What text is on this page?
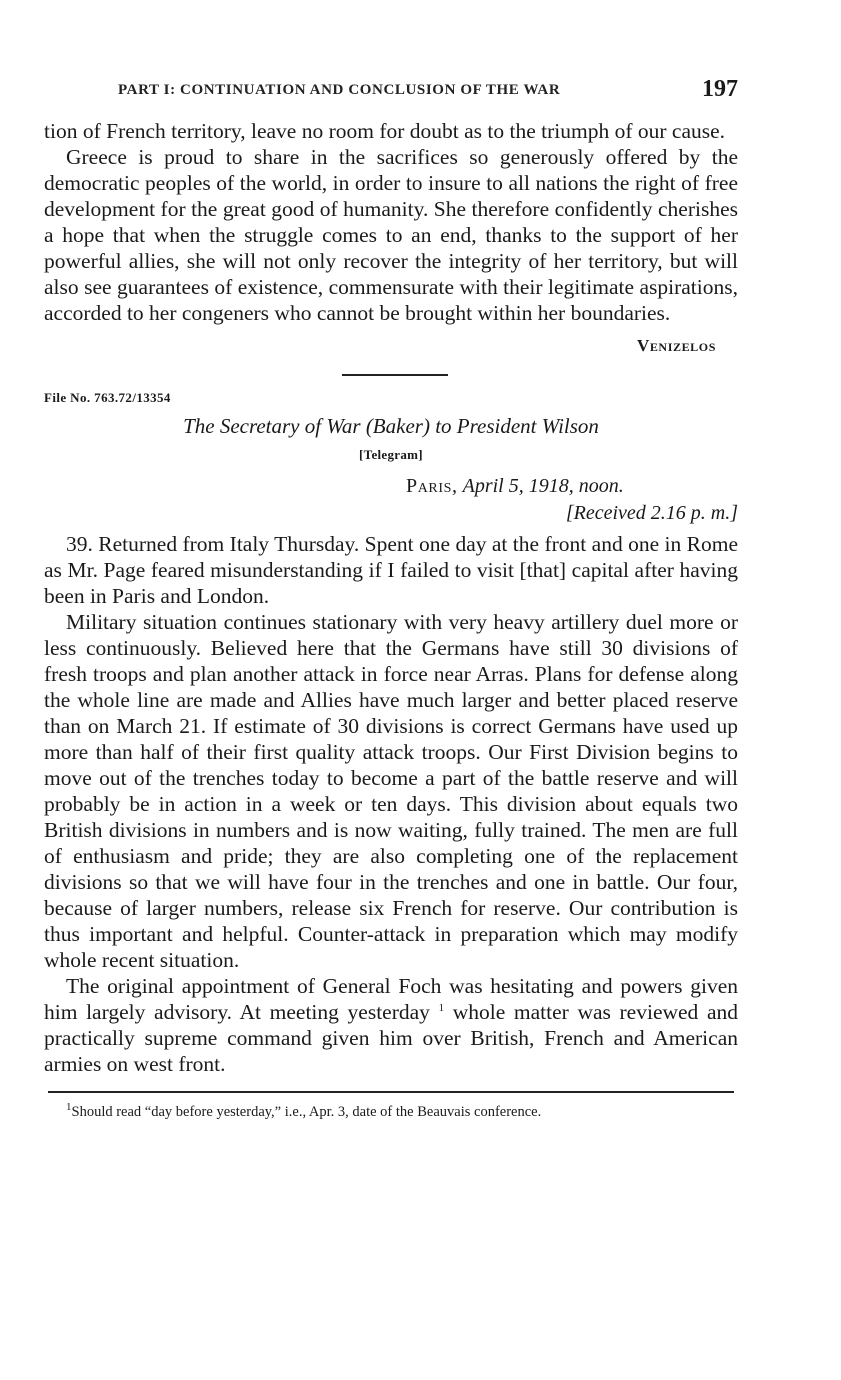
PART I: CONTINUATION AND CONCLUSION OF THE WAR	197

tion of French territory, leave no room for doubt as to the triumph of our cause.

Greece is proud to share in the sacrifices so generously offered by the democratic peoples of the world, in order to insure to all nations the right of free development for the great good of humanity. She therefore confidently cherishes a hope that when the struggle comes to an end, thanks to the support of her powerful allies, she will not only recover the integrity of her territory, but will also see guarantees of existence, commensurate with their legitimate aspirations, accorded to her congeners who cannot be brought within her boundaries.

Venizelos
File No. 763.72/13354
The Secretary of War (Baker) to President Wilson
[Telegram]
Paris, April 5, 1918, noon.
[Received 2.16 p. m.]

39. Returned from Italy Thursday. Spent one day at the front and one in Rome as Mr. Page feared misunderstanding if I failed to visit [that] capital after having been in Paris and London.

Military situation continues stationary with very heavy artillery duel more or less continuously. Believed here that the Germans have still 30 divisions of fresh troops and plan another attack in force near Arras. Plans for defense along the whole line are made and Allies have much larger and better placed reserve than on March 21. If estimate of 30 divisions is correct Germans have used up more than half of their first quality attack troops. Our First Division begins to move out of the trenches today to become a part of the battle reserve and will probably be in action in a week or ten days. This division about equals two British divisions in numbers and is now waiting, fully trained. The men are full of enthusiasm and pride; they are also completing one of the replacement divisions so that we will have four in the trenches and one in battle. Our four, because of larger numbers, release six French for reserve. Our contribution is thus important and helpful. Counter-attack in preparation which may modify whole recent situation.

The original appointment of General Foch was hesitating and powers given him largely advisory. At meeting yesterday $^1$ whole matter was reviewed and practically supreme command given him over British, French and American armies on west front.

$^1$Should read “day before yesterday,” i.e., Apr. 3, date of the Beauvais conference.
